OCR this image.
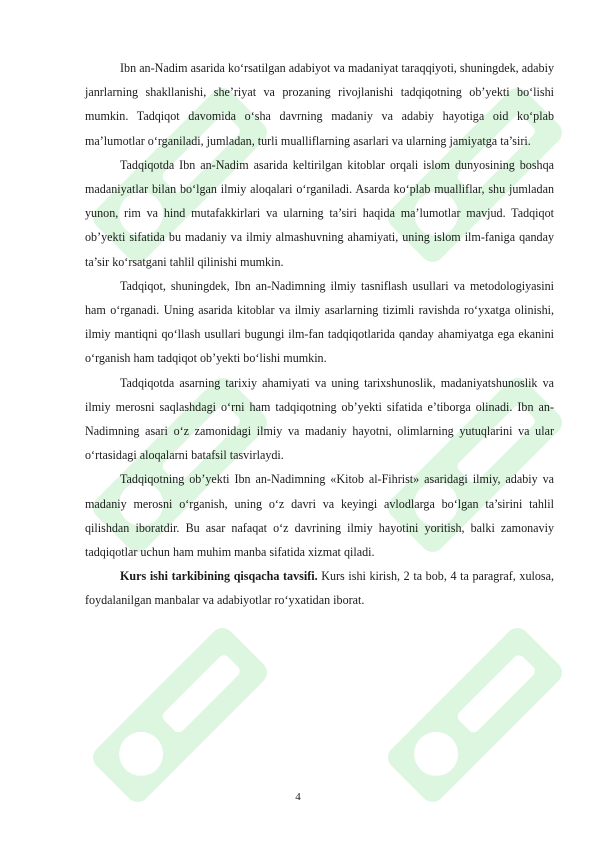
Ibn an-Nadim asarida ko‘rsatilgan adabiyot va madaniyat taraqqiyoti, shuningdek, adabiy janrlarning shakllanishi, she’riyat va prozaning rivojlanishi tadqiqotning ob’yekti bo‘lishi mumkin. Tadqiqot davomida o‘sha davrning madaniy va adabiy hayotiga oid ko‘plab ma’lumotlar o‘rganiladi, jumladan, turli mualliflarning asarlari va ularning jamiyatga ta’siri.

Tadqiqotda Ibn an-Nadim asarida keltirilgan kitoblar orqali islom dunyosining boshqa madaniyatlar bilan bo‘lgan ilmiy aloqalari o‘rganiladi. Asarda ko‘plab mualliflar, shu jumladan yunon, rim va hind mutafakkirlari va ularning ta’siri haqida ma’lumotlar mavjud. Tadqiqot ob’yekti sifatida bu madaniy va ilmiy almashuvning ahamiyati, uning islom ilm-faniga qanday ta’sir ko‘rsatgani tahlil qilinishi mumkin.

Tadqiqot, shuningdek, Ibn an-Nadimning ilmiy tasniflash usullari va metodologiyasini ham o‘rganadi. Uning asarida kitoblar va ilmiy asarlarning tizimli ravishda ro‘yxatga olinishi, ilmiy mantiqni qo‘llash usullari bugungi ilm-fan tadqiqotlarida qanday ahamiyatga ega ekanini o‘rganish ham tadqiqot ob’yekti bo‘lishi mumkin.

Tadqiqotda asarning tarixiy ahamiyati va uning tarixshunoslik, madaniyatshunoslik va ilmiy merosni saqlashdagi o‘rni ham tadqiqotning ob’yekti sifatida e’tiborga olinadi. Ibn an-Nadimning asari o‘z zamonidagi ilmiy va madaniy hayotni, olimlarning yutuqlarini va ular o‘rtasidagi aloqalarni batafsil tasvirlaydi.

Tadqiqotning ob’yekti Ibn an-Nadimning «Kitob al-Fihrist» asaridagi ilmiy, adabiy va madaniy merosni o‘rganish, uning o‘z davri va keyingi avlodlarga bo‘lgan ta’sirini tahlil qilishdan iboratdir. Bu asar nafaqat o‘z davrining ilmiy hayotini yoritish, balki zamonaviy tadqiqotlar uchun ham muhim manba sifatida xizmat qiladi.

Kurs ishi tarkibining qisqacha tavsifi. Kurs ishi kirish, 2 ta bob, 4 ta paragraf, xulosa, foydalanilgan manbalar va adabiyotlar ro‘yxatidan iborat.

4
